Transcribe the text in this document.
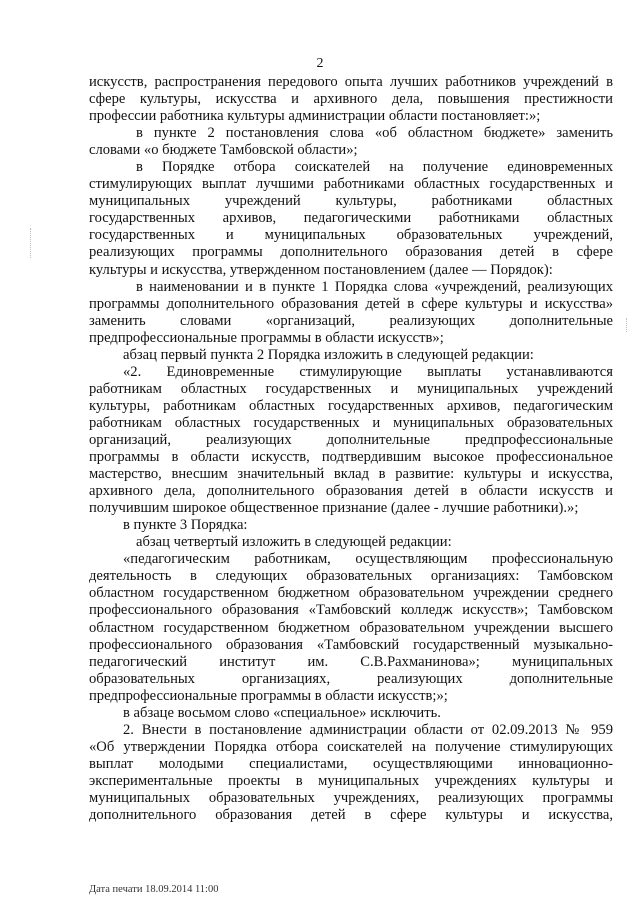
2

искусств, распространения передового опыта лучших работников учреждений в
сфере культуры, искусства и архивного дела, повышения престижности
профессии работника культуры администрации области постановляет:»;

в пункте 2 постановления слова «об областном бюджете» заменить
словами «о бюджете Тамбовской области»;

в Порядке отбора соискателей на получение единовременных
стимулирующих выплат лучшими работниками областных государственных и
муниципальных учреждений культуры, работниками областных
государственных архивов, педагогическими работниками областных
государственных и муниципальных образовательных учреждений,
реализующих программы дополнительного образования детей в сфере
культуры и искусства, утвержденном постановлением (далее — Порядок):

в наименовании и в пункте 1 Порядка слова «учреждений, реализующих
программы дополнительного образования детей в сфере культуры и искусства»
заменить словами «организаций, реализующих дополнительные
предпрофессиональные программы в области искусств»;

абзац первый пункта 2 Порядка изложить в следующей редакции:

«2. Единовременные стимулирующие выплаты устанавливаются
работникам областных государственных и муниципальных учреждений
культуры, работникам областных государственных архивов, педагогическим
работникам областных государственных и муниципальных образовательных
организаций, реализующих дополнительные предпрофессиональные
программы в области искусств, подтвердившим высокое профессиональное
мастерство, внесшим значительный вклад в развитие: культуры и искусства,
архивного дела, дополнительного образования детей в области искусств и
получившим широкое общественное признание (далее - лучшие работники).»;

в пункте 3 Порядка:

абзац четвертый изложить в следующей редакции:

«педагогическим работникам, осуществляющим профессиональную
деятельность в следующих образовательных организациях: Тамбовском
областном государственном бюджетном образовательном учреждении среднего
профессионального образования «Тамбовский колледж искусств»; Тамбовском
областном государственном бюджетном образовательном учреждении высшего
профессионального образования «Тамбовский государственный музыкально-
педагогический институт им. С.В.Рахманинова»; муниципальных
образовательных организациях, реализующих дополнительные
предпрофессиональные программы в области искусств;»;

в абзаце восьмом слово «специальное» исключить.

2. Внести в постановление администрации области от 02.09.2013 № 959
«Об утверждении Порядка отбора соискателей на получение стимулирующих
выплат молодыми специалистами, осуществляющими инновационно-
экспериментальные проекты в муниципальных учреждениях культуры и
муниципальных образовательных учреждениях, реализующих программы
дополнительного образования детей в сфере культуры и искусства,

Дата печати 18.09.2014 11:00
